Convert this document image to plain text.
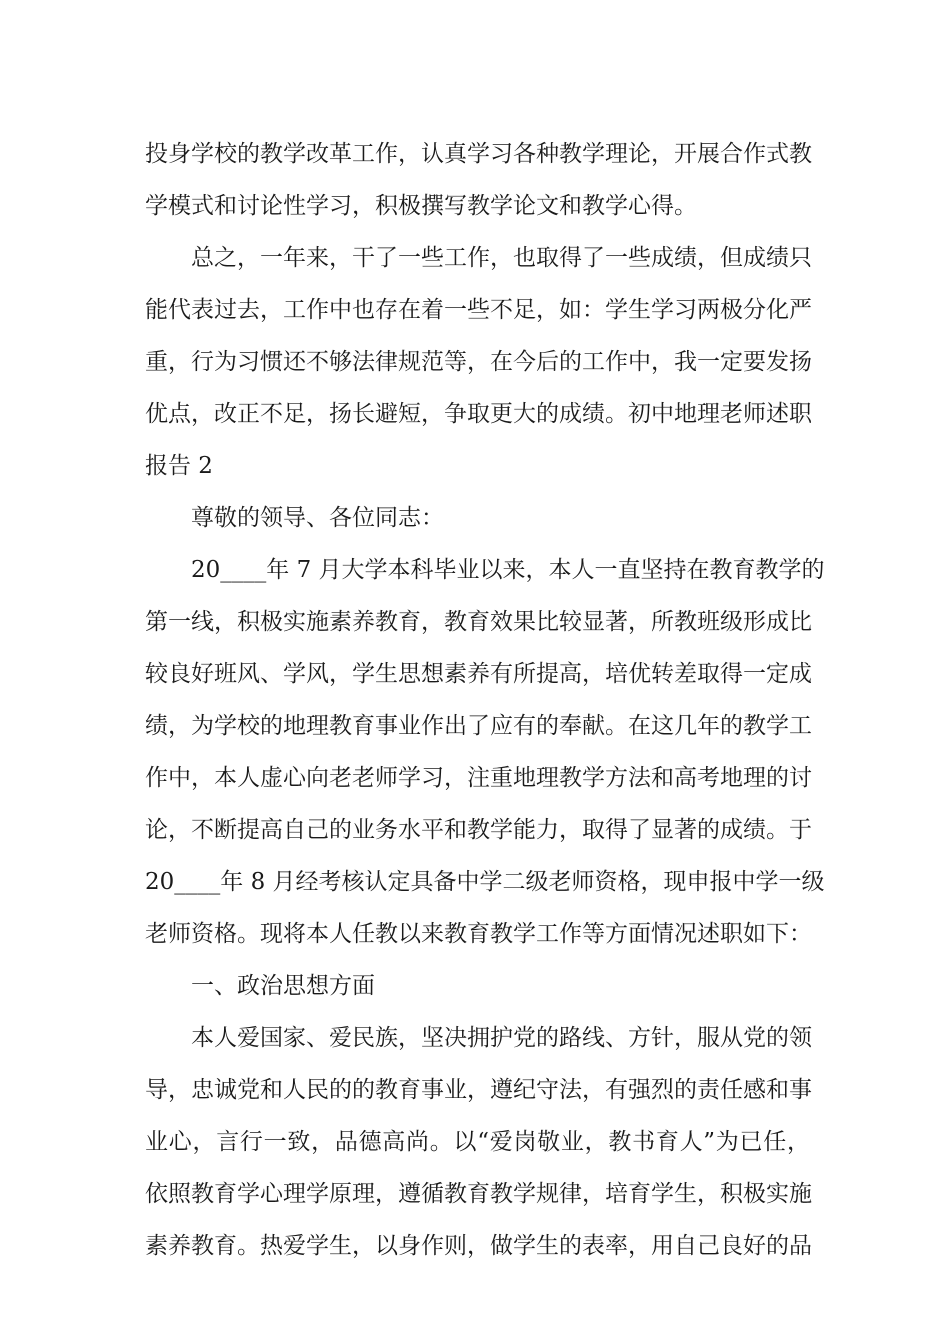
投身学校的教学改革工作，认真学习各种教学理论，开展合作式教
学模式和讨论性学习，积极撰写教学论文和教学心得。
总之，一年来，干了一些工作，也取得了一些成绩，但成绩只
能代表过去，工作中也存在着一些不足，如：学生学习两极分化严
重，行为习惯还不够法律规范等，在今后的工作中，我一定要发扬
优点，改正不足，扬长避短，争取更大的成绩。初中地理老师述职
报告 2
尊敬的领导、各位同志：
20____年 7 月大学本科毕业以来，本人一直坚持在教育教学的
第一线，积极实施素养教育，教育效果比较显著，所教班级形成比
较良好班风、学风，学生思想素养有所提高，培优转差取得一定成
绩，为学校的地理教育事业作出了应有的奉献。在这几年的教学工
作中，本人虚心向老老师学习，注重地理教学方法和高考地理的讨
论，不断提高自己的业务水平和教学能力，取得了显著的成绩。于
20____年 8 月经考核认定具备中学二级老师资格，现申报中学一级
老师资格。现将本人任教以来教育教学工作等方面情况述职如下：
一、政治思想方面
本人爱国家、爱民族，坚决拥护党的路线、方针，服从党的领
导，忠诚党和人民的的教育事业，遵纪守法，有强烈的责任感和事
业心，言行一致，品德高尚。以“爱岗敬业，教书育人”为已任，
依照教育学心理学原理，遵循教育教学规律，培育学生，积极实施
素养教育。热爱学生，以身作则，做学生的表率，用自己良好的品
